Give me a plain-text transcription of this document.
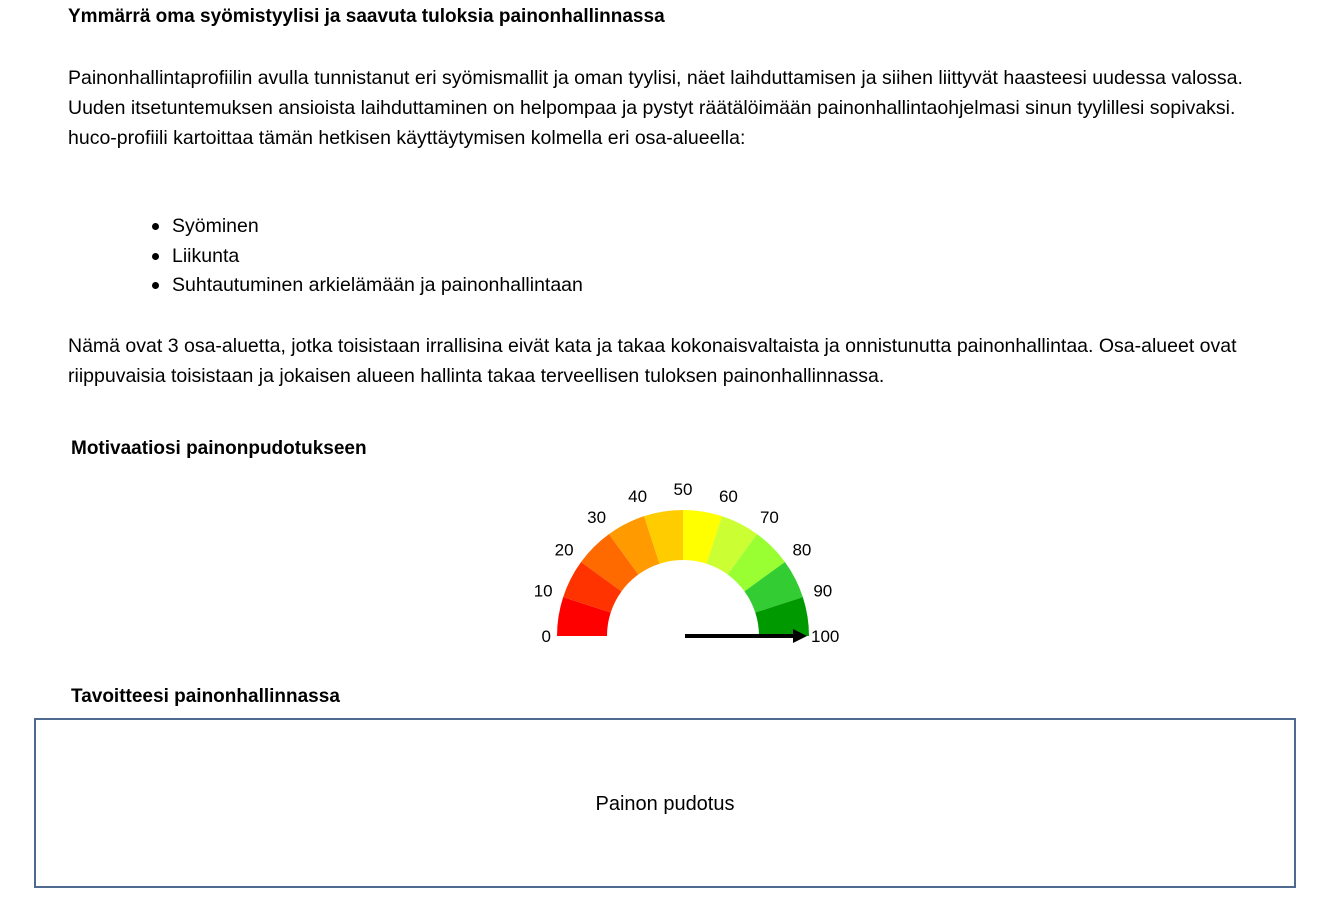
Ymmärrä oma syömistyylisi ja saavuta tuloksia painonhallinnassa

Painonhallintaprofiilin avulla tunnistanut eri syömismallit ja oman tyylisi, näet laihduttamisen ja siihen liittyvät haasteesi uudessa valossa. Uuden itsetuntemuksen ansioista laihduttaminen on helpompaa ja pystyt räätälöimään painonhallintaohjelmasi sinun tyylillesi sopivaksi. huco-profiili kartoittaa tämän hetkisen käyttäytymisen kolmella eri osa-alueella:

Syöminen
Liikunta
Suhtautuminen arkielämään ja painonhallintaan

Nämä ovat 3 osa-aluetta, jotka toisistaan irrallisina eivät kata ja takaa kokonaisvaltaista ja onnistunutta painonhallintaa. Osa-alueet ovat riippuvaisia toisistaan ja jokaisen alueen hallinta takaa terveellisen tuloksen painonhallinnassa.

Motivaatiosi painonpudotukseen
0
10
20
30
40 50 60
70
80
90
100
Tavoitteesi painonhallinnassa
Painon pudotus
